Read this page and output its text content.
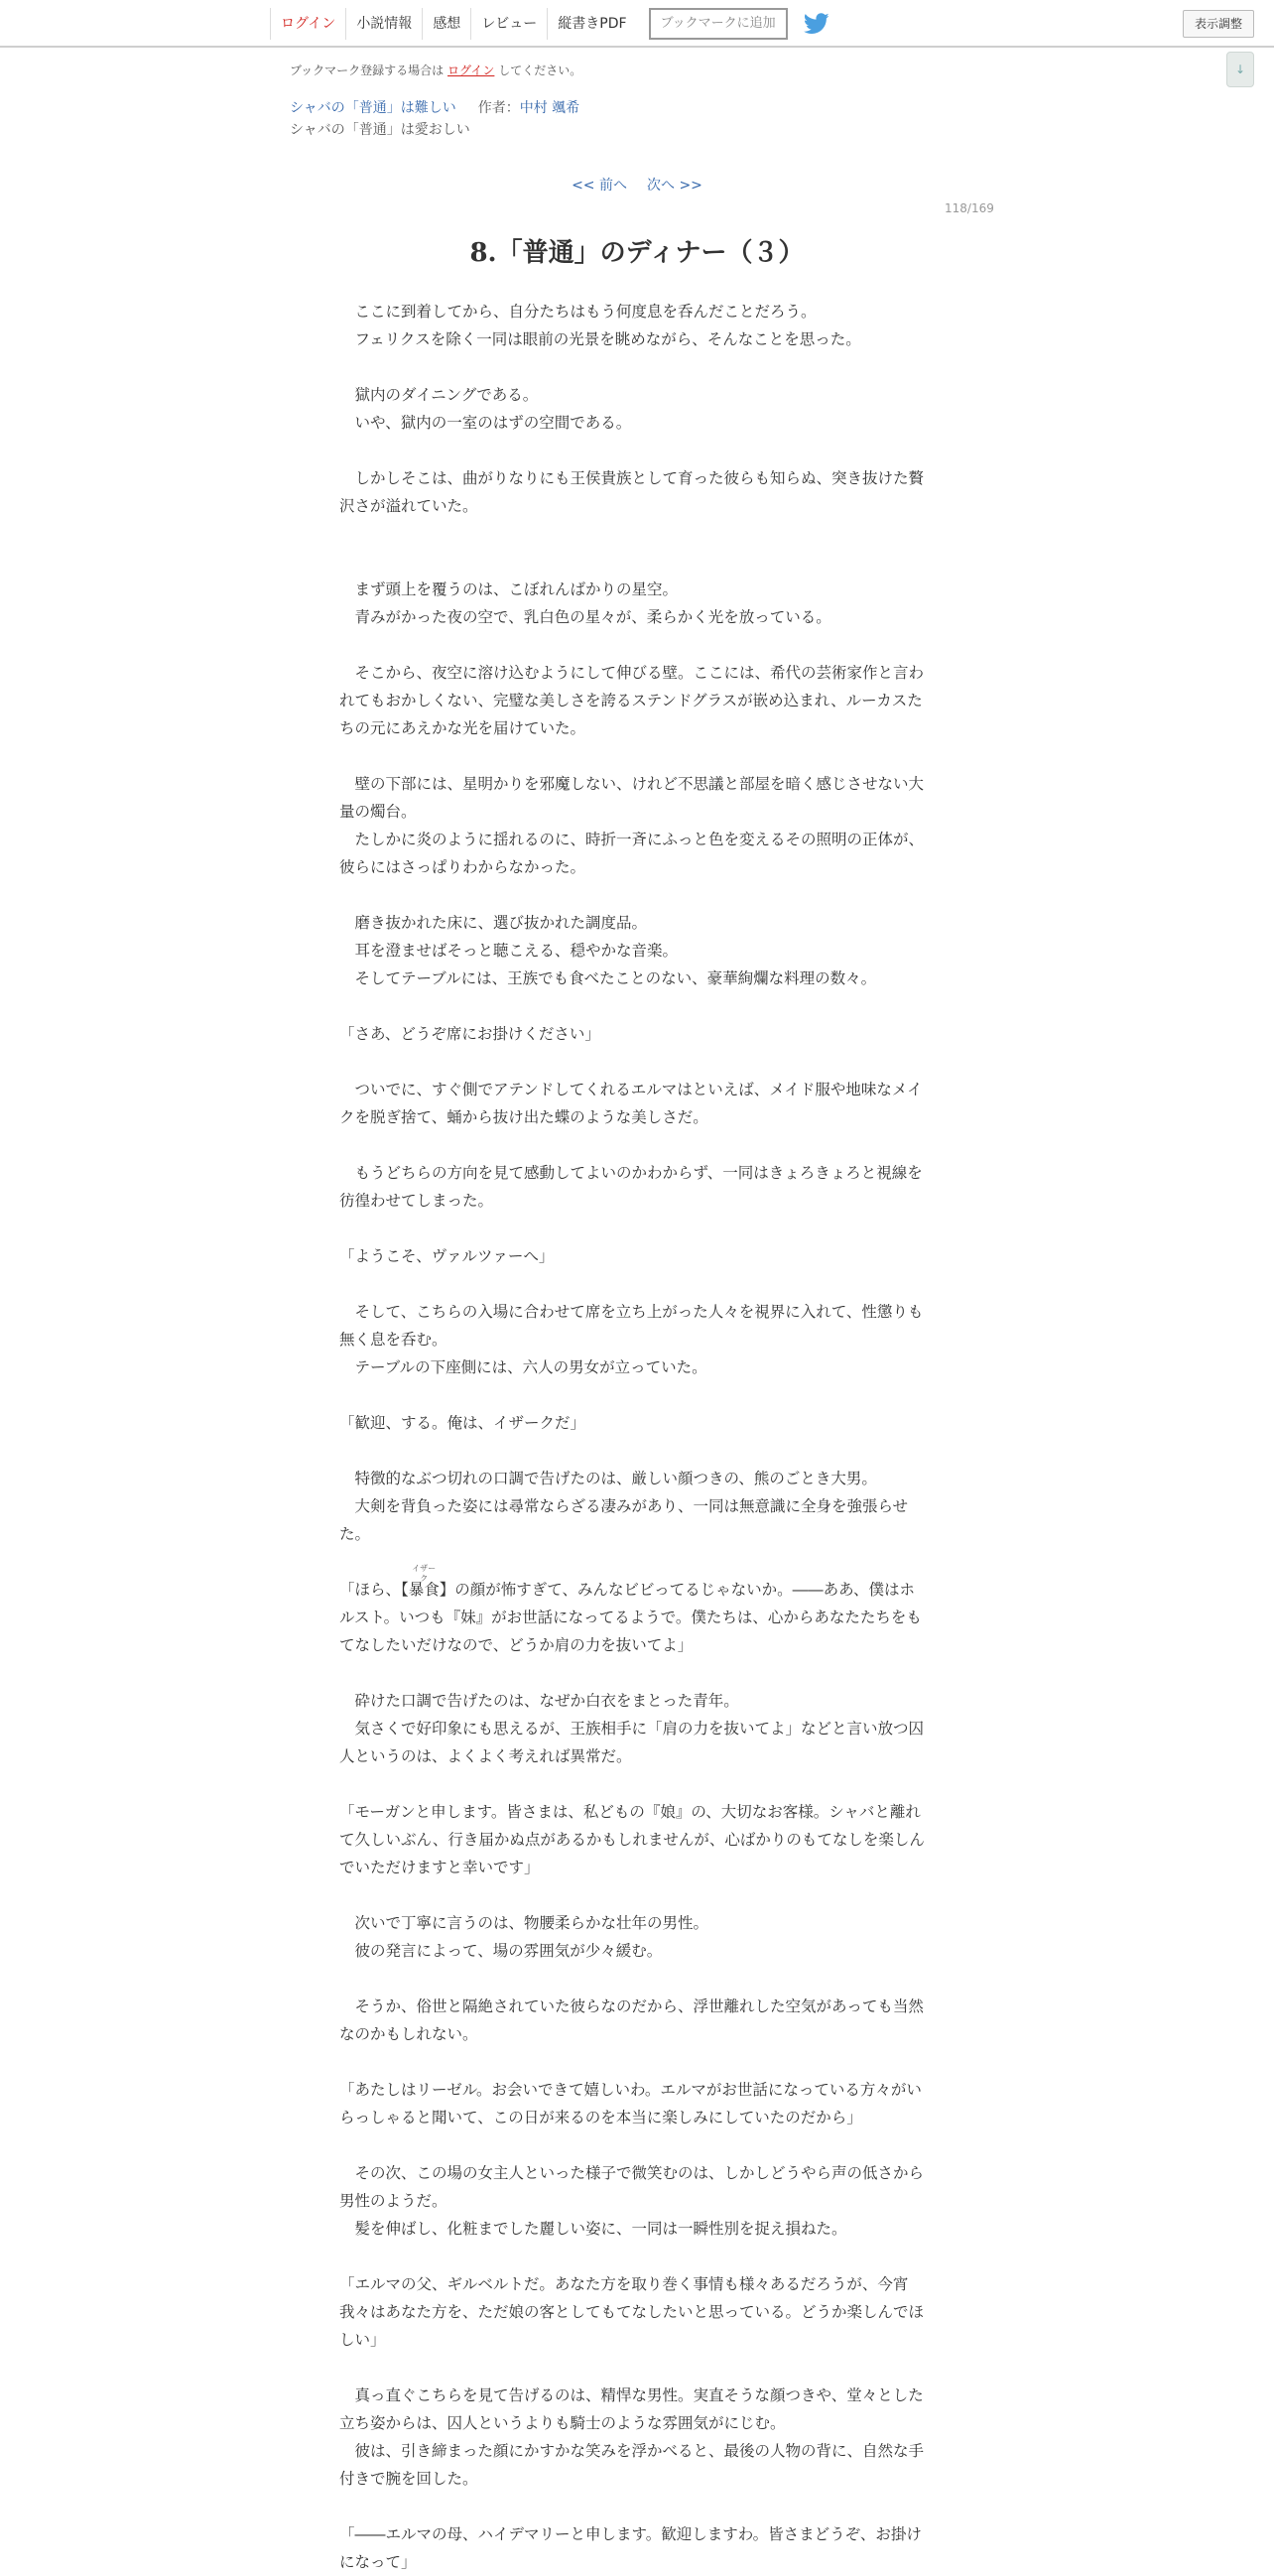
ログイン	小説情報	感想	レビュー	縦書きPDF	ブックマークに追加	表示調整
↓
ブックマーク登録する場合は ログイン してください。
シャバの「普通」は難しい 作者：中村 颯希
シャバの「普通」は愛おしい
<< 前へ 次へ >>
118/169
8.「普通」のディナー（３）

　ここに到着してから、自分たちはもう何度息を呑んだことだろう。

　フェリクスを除く一同は眼前の光景を眺めながら、そんなことを思った。

　獄内のダイニングである。

　いや、獄内の一室のはずの空間である。

　しかしそこは、曲がりなりにも王侯貴族として育った彼らも知らぬ、突き抜けた贅沢さが溢れていた。

　まず頭上を覆うのは、こぼれんばかりの星空。

　青みがかった夜の空で、乳白色の星々が、柔らかく光を放っている。

　そこから、夜空に溶け込むようにして伸びる壁。ここには、希代の芸術家作と言われてもおかしくない、完璧な美しさを誇るステンドグラスが嵌め込まれ、ルーカスたちの元にあえかな光を届けていた。

　壁の下部には、星明かりを邪魔しない、けれど不思議と部屋を暗く感じさせない大量の燭台。

　たしかに炎のように揺れるのに、時折一斉にふっと色を変えるその照明の正体が、彼らにはさっぱりわからなかった。

　磨き抜かれた床に、選び抜かれた調度品。

　耳を澄ませばそっと聴こえる、穏やかな音楽。

　そしてテーブルには、王族でも食べたことのない、豪華絢爛な料理の数々。

「さあ、どうぞ席にお掛けください」

　ついでに、すぐ側でアテンドしてくれるエルマはといえば、メイド服や地味なメイクを脱ぎ捨て、蛹から抜け出た蝶のような美しさだ。

　もうどちらの方向を見て感動してよいのかわからず、一同はきょろきょろと視線を彷徨わせてしまった。

「ようこそ、ヴァルツァーへ」

　そして、こちらの入場に合わせて席を立ち上がった人々を視界に入れて、性懲りも無く息を呑む。

　テーブルの下座側には、六人の男女が立っていた。

「歓迎、する。俺は、イザークだ」

　特徴的なぶつ切れの口調で告げたのは、厳しい顔つきの、熊のごとき大男。

　大剣を背負った姿には尋常ならざる凄みがあり、一同は無意識に全身を強張らせた。

「ほら、【
イザーク
暴食】の顔が怖すぎて、みんなビビってるじゃないか。――ああ、僕はホルスト。いつも『妹』がお世話になってるようで。僕たちは、心からあなたたちをもてなしたいだけなので、どうか肩の力を抜いてよ」

　砕けた口調で告げたのは、なぜか白衣をまとった青年。

　気さくで好印象にも思えるが、王族相手に「肩の力を抜いてよ」などと言い放つ囚人というのは、よくよく考えれば異常だ。

「モーガンと申します。皆さまは、私どもの『娘』の、大切なお客様。シャバと離れて久しいぶん、行き届かぬ点があるかもしれませんが、心ばかりのもてなしを楽しんでいただけますと幸いです」

　次いで丁寧に言うのは、物腰柔らかな壮年の男性。

　彼の発言によって、場の雰囲気が少々緩む。

　そうか、俗世と隔絶されていた彼らなのだから、浮世離れした空気があっても当然なのかもしれない。

「あたしはリーゼル。お会いできて嬉しいわ。エルマがお世話になっている方々がいらっしゃると聞いて、この日が来るのを本当に楽しみにしていたのだから」

　その次、この場の女主人といった様子で微笑むのは、しかしどうやら声の低さから男性のようだ。

　髪を伸ばし、化粧までした麗しい姿に、一同は一瞬性別を捉え損ねた。

「エルマの父、ギルベルトだ。あなた方を取り巻く事情も様々あるだろうが、今宵我々はあなた方を、ただ娘の客としてもてなしたいと思っている。どうか楽しんでほしい」

　真っ直ぐこちらを見て告げるのは、精悍な男性。実直そうな顔つきや、堂々とした立ち姿からは、囚人というよりも騎士のような雰囲気がにじむ。

　彼は、引き締まった顔にかすかな笑みを浮かべると、最後の人物の背に、自然な手付きで腕を回した。

「――エルマの母、ハイデマリーと申します。歓迎しますわ。皆さまどうぞ、お掛けになって」
